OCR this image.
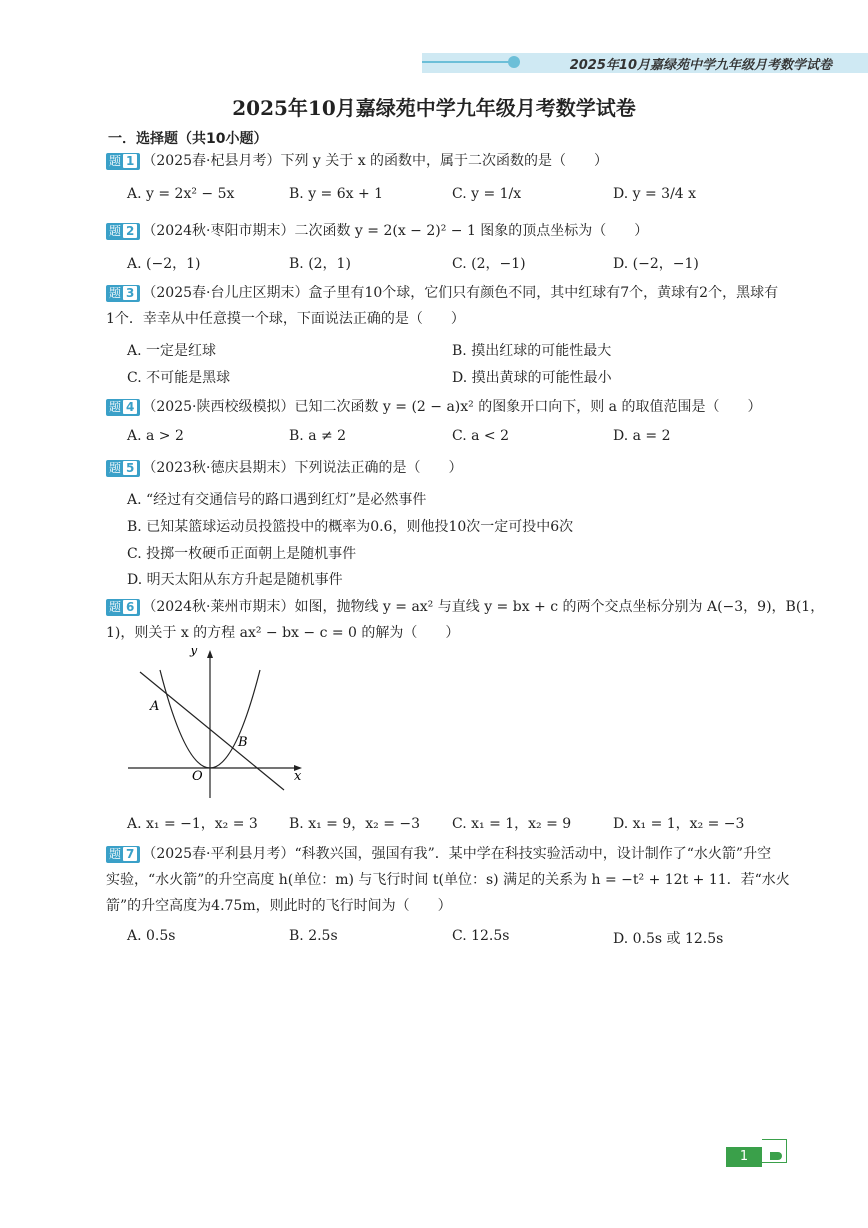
2025年10月嘉绿苑中学九年级月考数学试卷
2025年10月嘉绿苑中学九年级月考数学试卷
一．选择题（共10小题）
题 1 （2025春·杞县月考）下列 y 关于 x 的函数中，属于二次函数的是（　　）
A. y = 2x² − 5x	B. y = 6x + 1	C. y = 1/x	D. y = 3/4 x
题 2 （2024秋·枣阳市期末）二次函数 y = 2(x − 2)² − 1 图象的顶点坐标为（　　）
A. (−2，1)	B. (2，1)	C. (2，−1)	D. (−2，−1)
题 3 （2025春·台儿庄区期末）盒子里有10个球，它们只有颜色不同，其中红球有7个，黄球有2个，黑球有
1个．幸幸从中任意摸一个球，下面说法正确的是（　　）
A. 一定是红球	B. 摸出红球的可能性最大
C. 不可能是黑球	D. 摸出黄球的可能性最小
题 4 （2025·陕西校级模拟）已知二次函数 y = (2 − a)x² 的图象开口向下，则 a 的取值范围是（　　）
A. a > 2	B. a ≠ 2	C. a < 2	D. a = 2
题 5 （2023秋·德庆县期末）下列说法正确的是（　　）
A. “经过有交通信号的路口遇到红灯”是必然事件
B. 已知某篮球运动员投篮投中的概率为0.6，则他投10次一定可投中6次
C. 投掷一枚硬币正面朝上是随机事件
D. 明天太阳从东方升起是随机事件
题 6 （2024秋·莱州市期末）如图，抛物线 y = ax² 与直线 y = bx + c 的两个交点坐标分别为 A(−3，9)，B(1，
1)，则关于 x 的方程 ax² − bx − c = 0 的解为（　　）
y
x
O
A
B
A. x₁ = −1，x₂ = 3 B. x₁ = 9，x₂ = −3 C. x₁ = 1，x₂ = 9	D. x₁ = 1，x₂ = −3
题 7 （2025春·平利县月考）“科教兴国，强国有我”．某中学在科技实验活动中，设计制作了“水火箭”升空
实验，“水火箭”的升空高度 h(单位：m) 与飞行时间 t(单位：s) 满足的关系为 h = −t² + 12t + 11．若“水火
箭”的升空高度为4.75m，则此时的飞行时间为（　　）
A. 0.5s	B. 2.5s	C. 12.5s	D. 0.5s 或 12.5s
1
